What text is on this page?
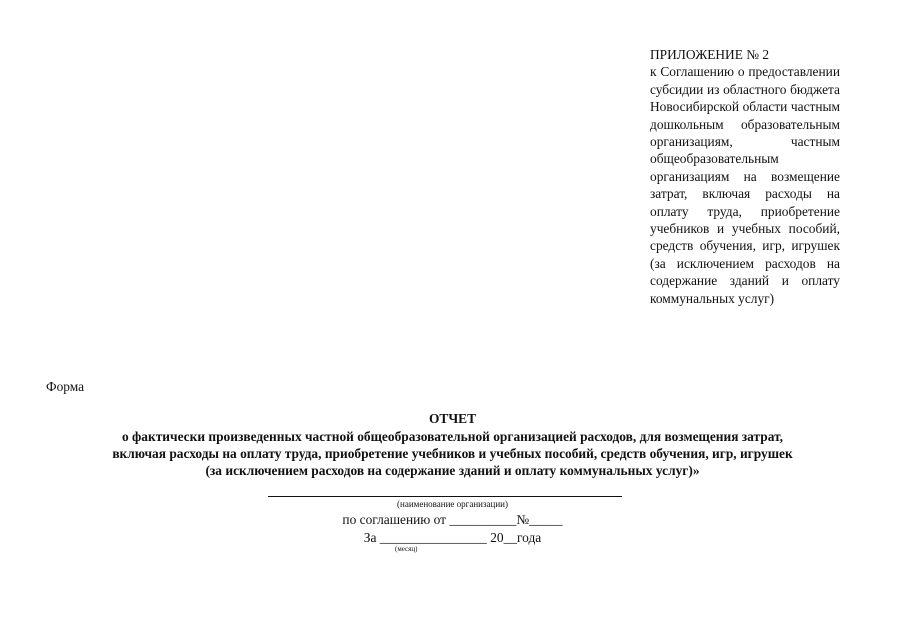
ПРИЛОЖЕНИЕ № 2
к Соглашению о предоставлении субсидии из областного бюджета Новосибирской области частным дошкольным образовательным организациям, частным общеобразовательным организациям на возмещение затрат, включая расходы на оплату труда, приобретение учебников и учебных пособий, средств обучения, игр, игрушек (за исключением расходов на содержание зданий и оплату коммунальных услуг)
Форма
ОТЧЕТ
о фактически произведенных частной общеобразовательной организацией расходов, для возмещения затрат,
включая расходы на оплату труда, приобретение учебников и учебных пособий, средств обучения, игр, игрушек
(за исключением расходов на содержание зданий и оплату коммунальных услуг)»
(наименование организации)
по соглашению от __________№_____
За ________________ 20__года
(месяц)
